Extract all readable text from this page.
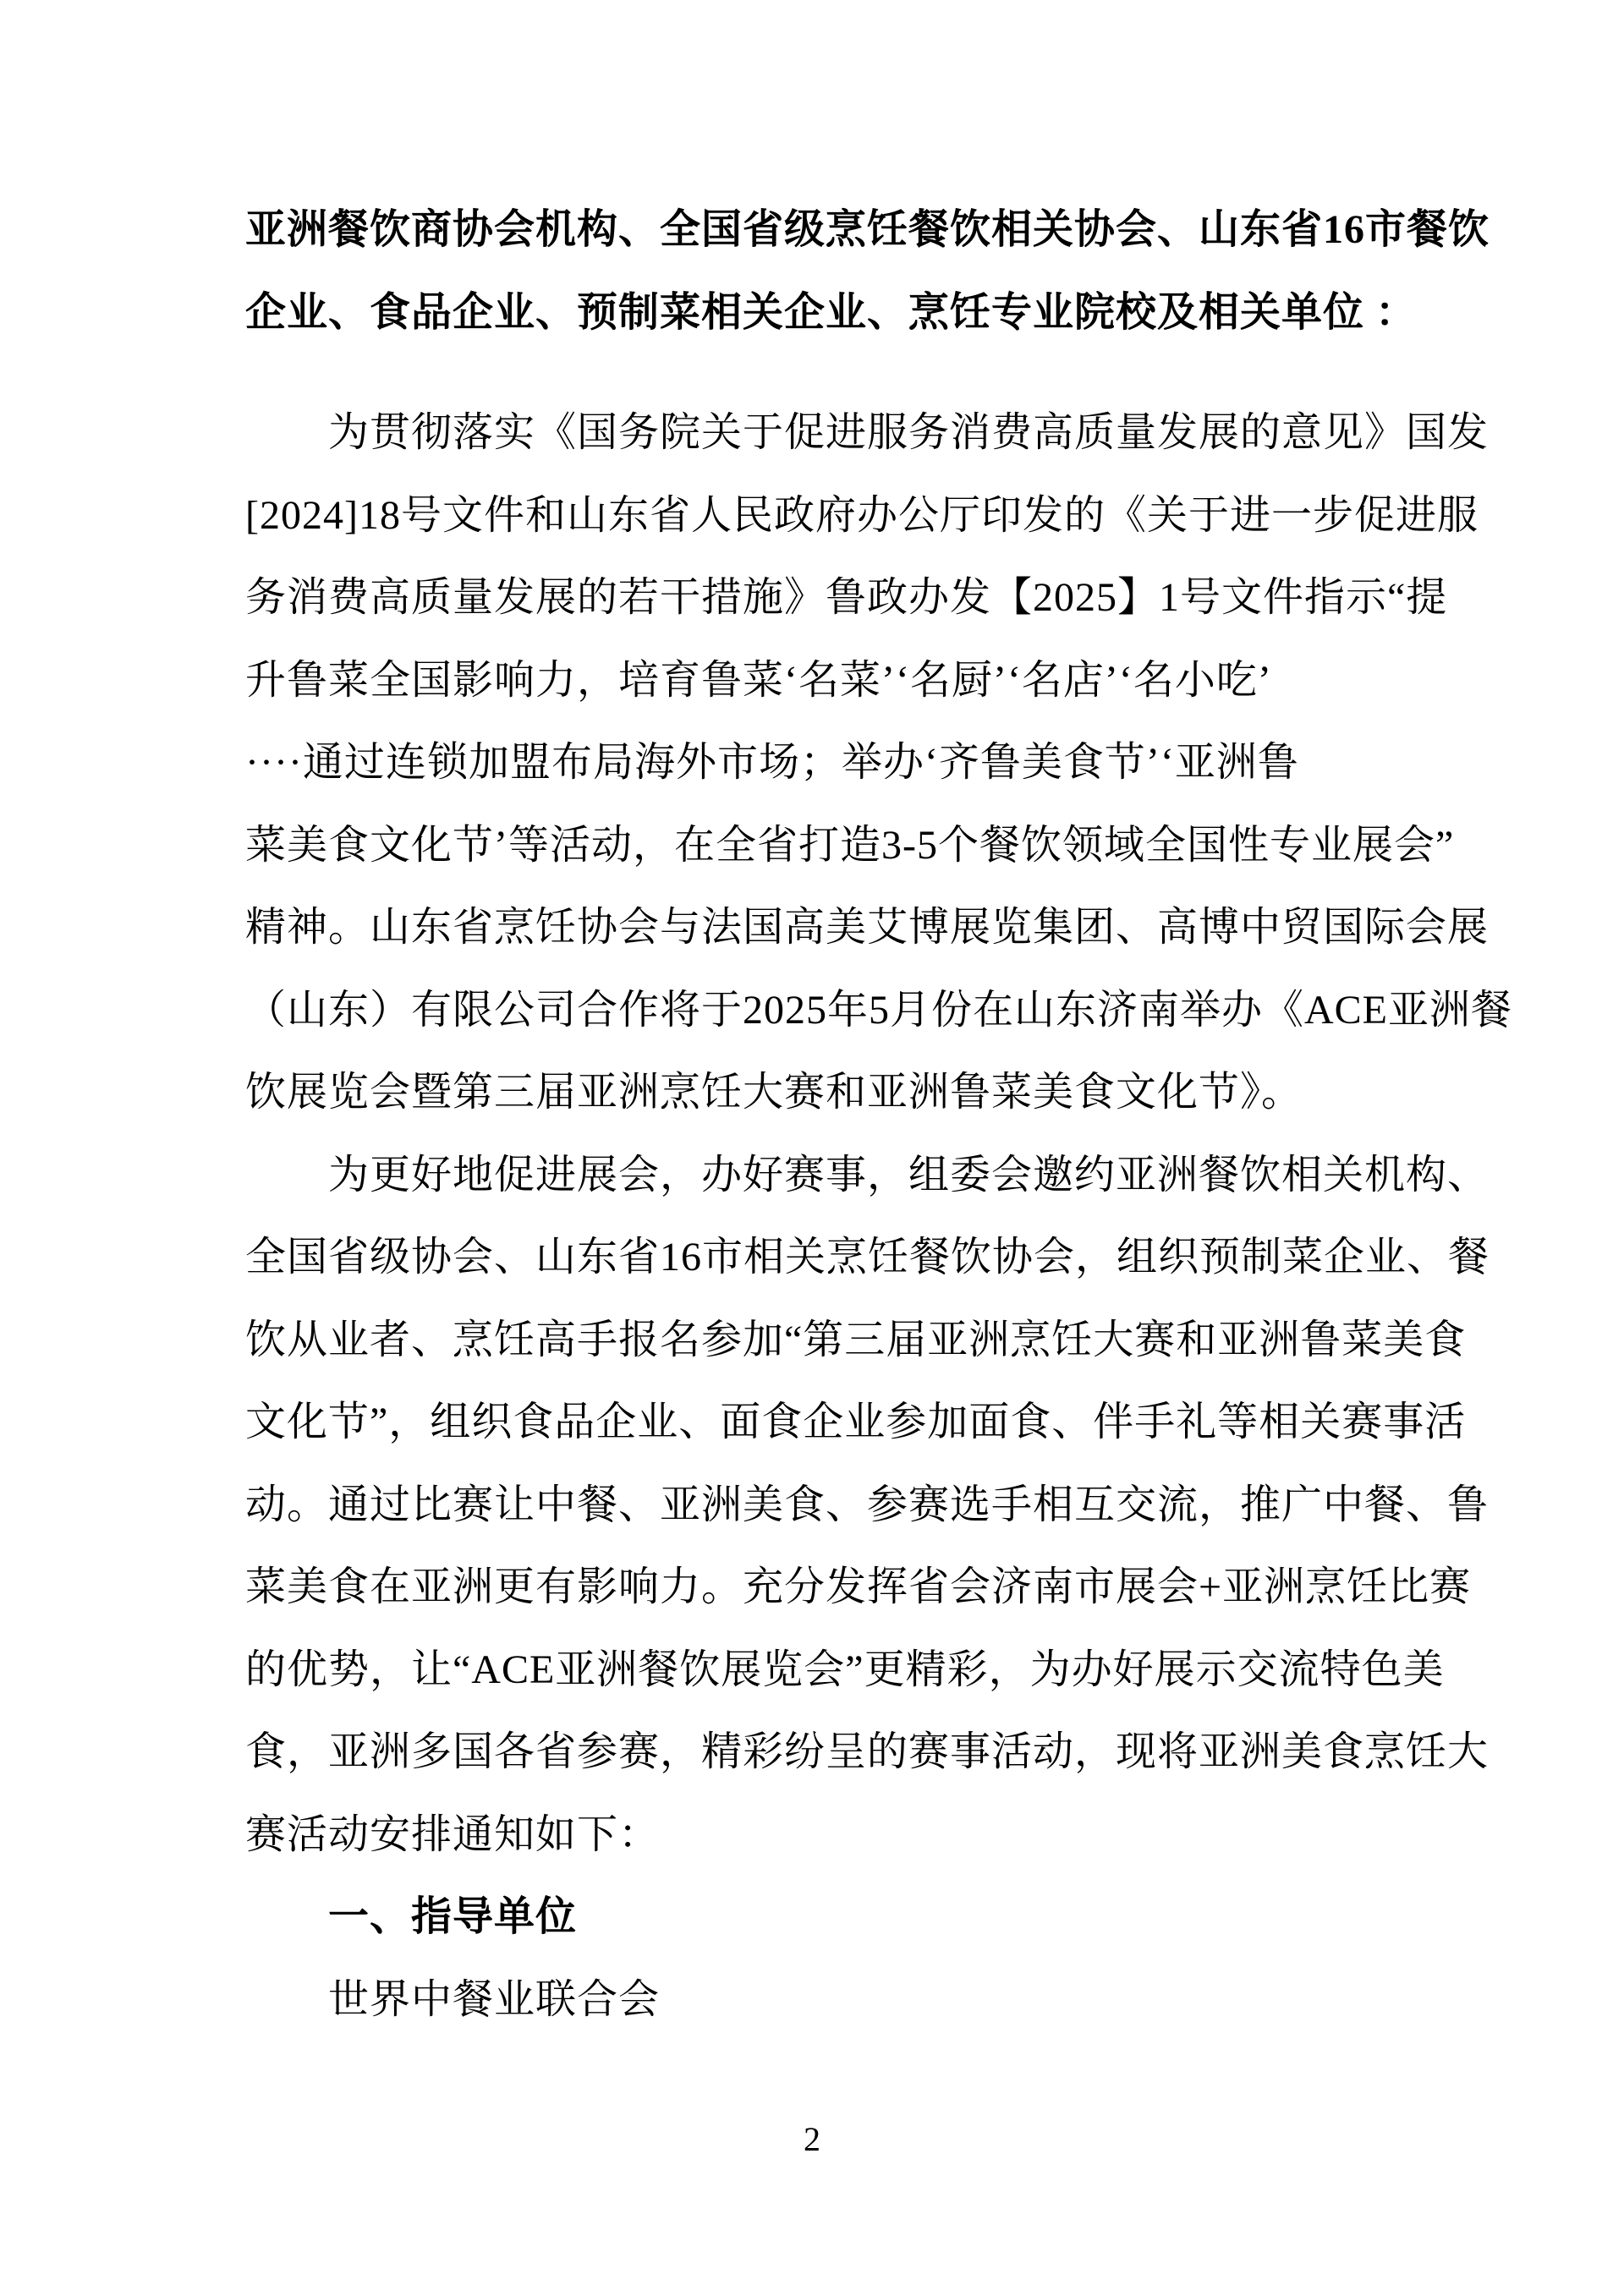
亚洲餐饮商协会机构、全国省级烹饪餐饮相关协会、山东省16市餐饮
企业、食品企业、预制菜相关企业、烹饪专业院校及相关单位 ：
　　为贯彻落实《国务院关于促进服务消费高质量发展的意见》国发
[2024]18号文件和山东省人民政府办公厅印发的《关于进一步促进服
务消费高质量发展的若干措施》鲁政办发【2025】1号文件指示“提
升鲁菜全国影响力，培育鲁菜‘名菜’‘名厨’‘名店’‘名小吃’
····通过连锁加盟布局海外市场；举办‘齐鲁美食节’‘亚洲鲁
菜美食文化节’等活动，在全省打造3-5个餐饮领域全国性专业展会”
精神。山东省烹饪协会与法国高美艾博展览集团、高博中贸国际会展
（山东）有限公司合作将于2025年5月份在山东济南举办《ACE亚洲餐
饮展览会暨第三届亚洲烹饪大赛和亚洲鲁菜美食文化节》。
　　为更好地促进展会，办好赛事，组委会邀约亚洲餐饮相关机构、
全国省级协会、山东省16市相关烹饪餐饮协会，组织预制菜企业、餐
饮从业者、烹饪高手报名参加“第三届亚洲烹饪大赛和亚洲鲁菜美食
文化节”，组织食品企业、面食企业参加面食、伴手礼等相关赛事活
动。通过比赛让中餐、亚洲美食、参赛选手相互交流，推广中餐、鲁
菜美食在亚洲更有影响力。充分发挥省会济南市展会+亚洲烹饪比赛
的优势，让“ACE亚洲餐饮展览会”更精彩，为办好展示交流特色美
食，亚洲多国各省参赛，精彩纷呈的赛事活动，现将亚洲美食烹饪大
赛活动安排通知如下：
　　一、指导单位
　　世界中餐业联合会
2
